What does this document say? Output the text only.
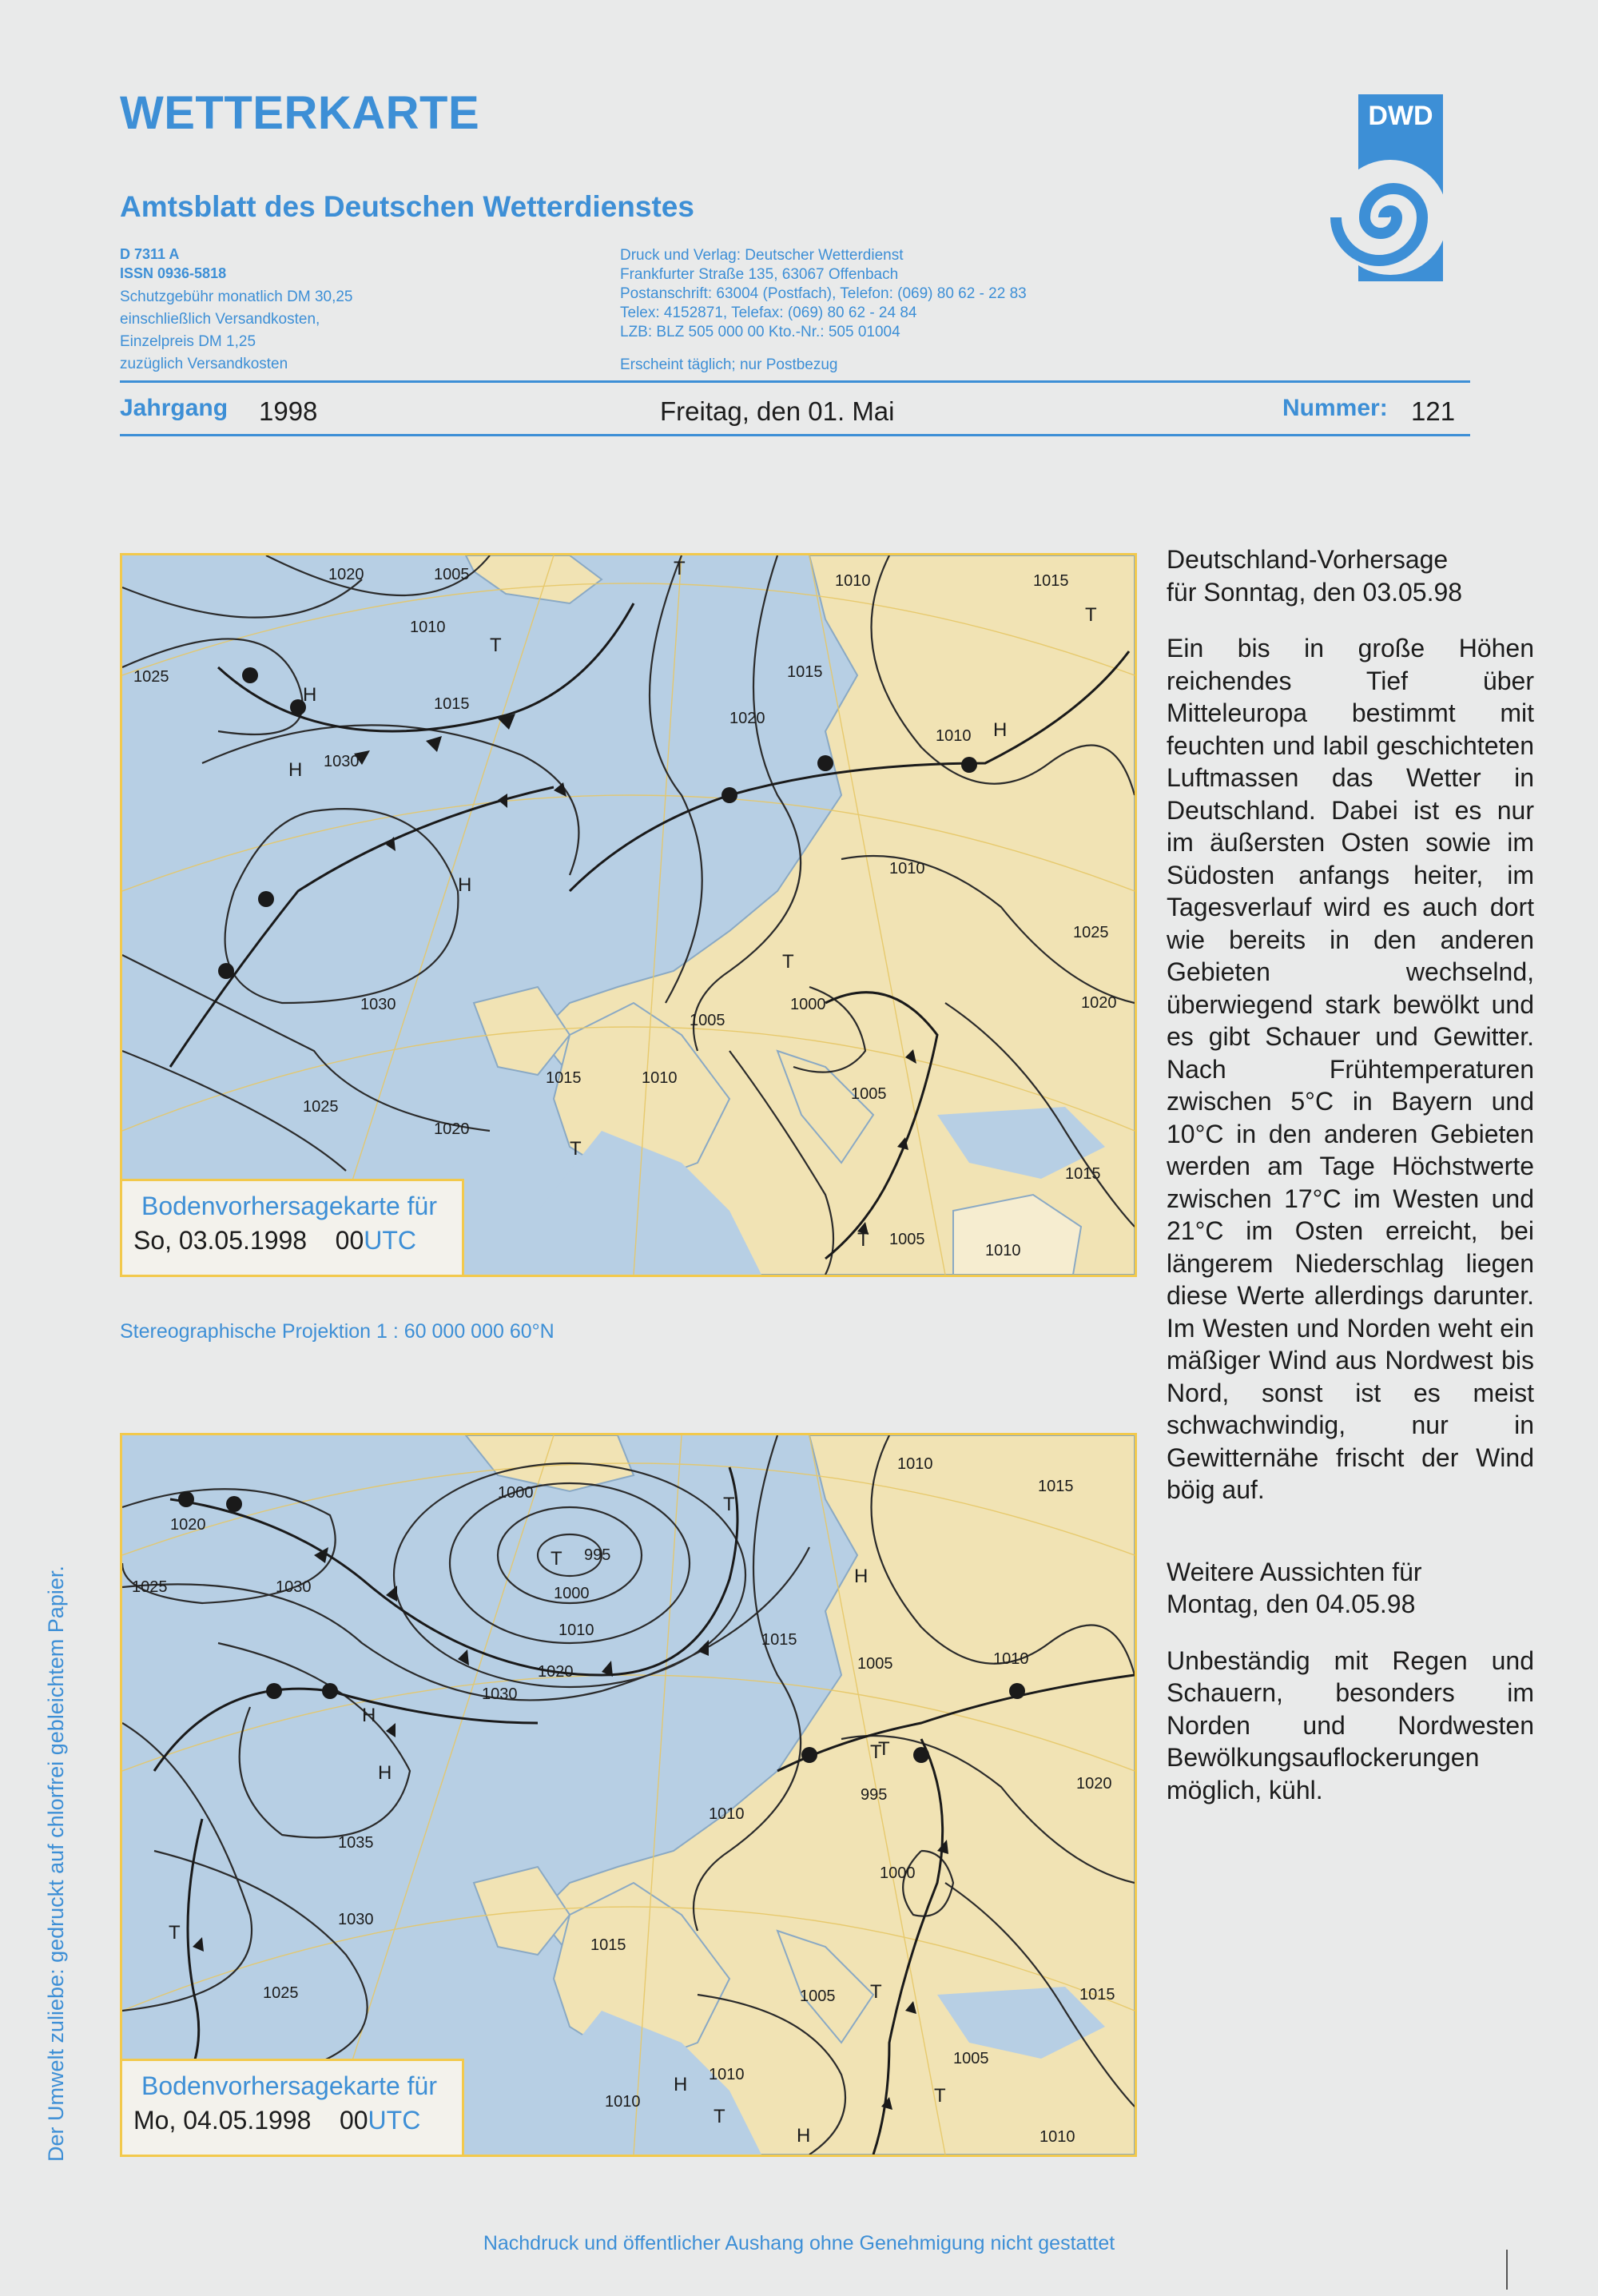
WETTERKARTE
Amtsblatt des Deutschen Wetterdienstes
D 7311 A
ISSN 0936-5818
Schutzgebühr monatlich DM 30,25
einschließlich Versandkosten,
Einzelpreis DM 1,25
zuzüglich Versandkosten
Druck und Verlag: Deutscher Wetterdienst
Frankfurter Straße 135, 63067 Offenbach
Postanschrift: 63004 (Postfach), Telefon: (069) 80 62 - 22 83
Telex: 4152871, Telefax: (069) 80 62 - 24 84
LZB: BLZ 505 000 00 Kto.-Nr.: 505 01004
Erscheint täglich; nur Postbezug
DWD
Jahrgang 1998	Freitag, den 01. Mai	Nummer: 121
1020	1005
1010
1025
1015
1030
1020
1030
1025
1020
1015
1010
1000
1005
1010
1005
1015
1010
1015
1010
1025
1020
1015
1005
1010
H
H
H
H
T
T
T
T
T
T
Bodenvorhersagekarte für
So, 03.05.1998 00UTC
Stereographische Projektion 1 : 60 000 000 60°N
1020
1025	1030
1000
995
1000
1010
1020
1030
1035
1030
1025
1015
1005	1010
995
1010
1000
1015
1005
1010
1010
1005
1015
1020
1015
1010
1010
H
H
H
H
H
T
T
T
T
T
T
T
T
Bodenvorhersagekarte für
Mo, 04.05.1998 00UTC

Deutschland-Vorhersage

für Sonntag, den 03.05.98

Ein bis in große Höhen reichendes Tief über Mitteleuropa bestimmt mit feuchten und labil geschichteten Luftmassen das Wetter in Deutschland. Dabei ist es nur im äußersten Osten sowie im Südosten anfangs heiter, im Tagesverlauf wird es auch dort wie bereits in den anderen Gebieten wechselnd, überwiegend stark bewölkt und es gibt Schauer und Gewitter. Nach Frühtemperaturen zwischen 5°C in Bayern und 10°C in den anderen Gebieten werden am Tage Höchstwerte zwischen 17°C im Westen und 21°C im Osten erreicht, bei längerem Niederschlag liegen diese Werte allerdings darunter. Im Westen und Norden weht ein mäßiger Wind aus Nordwest bis Nord, sonst ist es meist schwachwindig, nur in Gewitternähe frischt der Wind böig auf.

Weitere Aussichten für

Montag, den 04.05.98

Unbeständig mit Regen und Schauern, besonders im Norden und Nordwesten Bewölkungsauflockerungen möglich, kühl.

Der Umwelt zuliebe: gedruckt auf chlorfrei gebleichtem Papier.
Nachdruck und öffentlicher Aushang ohne Genehmigung nicht gestattet
